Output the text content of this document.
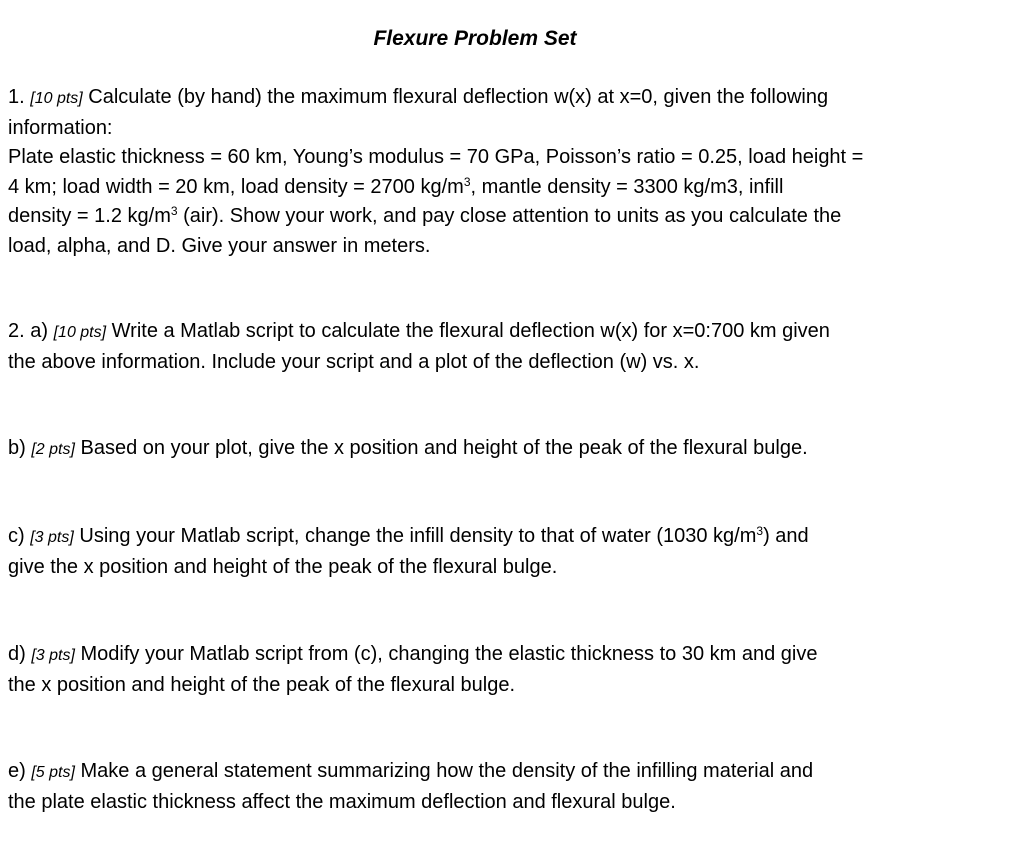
Flexure Problem Set
1. [10 pts] Calculate (by hand) the maximum flexural deflection w(x) at x=0, given the following
information:
Plate elastic thickness = 60 km, Young’s modulus = 70 GPa, Poisson’s ratio = 0.25, load height =
4 km; load width = 20 km, load density = 2700 $kg/m^3$, mantle density = 3300 kg/m3, infill
density = 1.2 $kg/m^3$ (air). Show your work, and pay close attention to units as you calculate the
load, alpha, and D. Give your answer in meters.
2. a) [10 pts] Write a Matlab script to calculate the flexural deflection w(x) for x=0:700 km given
the above information. Include your script and a plot of the deflection (w) vs. x.
b) [2 pts] Based on your plot, give the x position and height of the peak of the flexural bulge.
c) [3 pts] Using your Matlab script, change the infill density to that of water (1030 $kg/m^3$) and
give the x position and height of the peak of the flexural bulge.
d) [3 pts] Modify your Matlab script from (c), changing the elastic thickness to 30 km and give
the x position and height of the peak of the flexural bulge.
e) [5 pts] Make a general statement summarizing how the density of the infilling material and
the plate elastic thickness affect the maximum deflection and flexural bulge.
